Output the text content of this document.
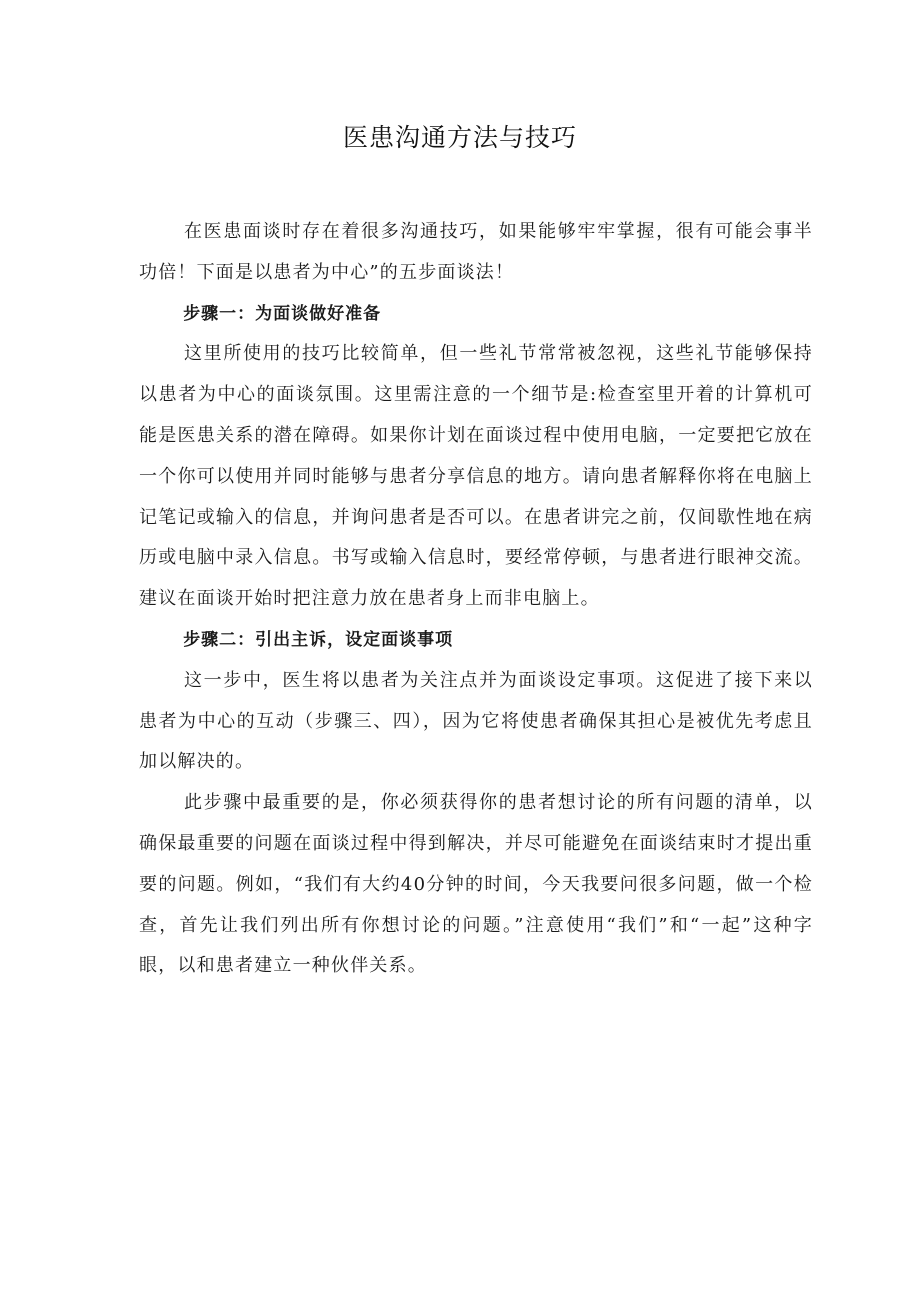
医患沟通方法与技巧

在医患面谈时存在着很多沟通技巧，如果能够牢牢掌握，很有可能会事半功倍！下面是以患者为中心”的五步面谈法！

步骤一：为面谈做好准备

这里所使用的技巧比较简单，但一些礼节常常被忽视，这些礼节能够保持以患者为中心的面谈氛围。这里需注意的一个细节是:检查室里开着的计算机可能是医患关系的潜在障碍。如果你计划在面谈过程中使用电脑，一定要把它放在一个你可以使用并同时能够与患者分享信息的地方。请向患者解释你将在电脑上记笔记或输入的信息，并询问患者是否可以。在患者讲完之前，仅间歇性地在病历或电脑中录入信息。书写或输入信息时，要经常停顿，与患者进行眼神交流。建议在面谈开始时把注意力放在患者身上而非电脑上。

步骤二：引出主诉，设定面谈事项

这一步中，医生将以患者为关注点并为面谈设定事项。这促进了接下来以患者为中心的互动（步骤三、四），因为它将使患者确保其担心是被优先考虑且加以解决的。

此步骤中最重要的是，你必须获得你的患者想讨论的所有问题的清单，以确保最重要的问题在面谈过程中得到解决，并尽可能避免在面谈结束时才提出重要的问题。例如，“我们有大约40分钟的时间，今天我要问很多问题，做一个检查，首先让我们列出所有你想讨论的问题。”注意使用“我们”和“一起”这种字眼，以和患者建立一种伙伴关系。
